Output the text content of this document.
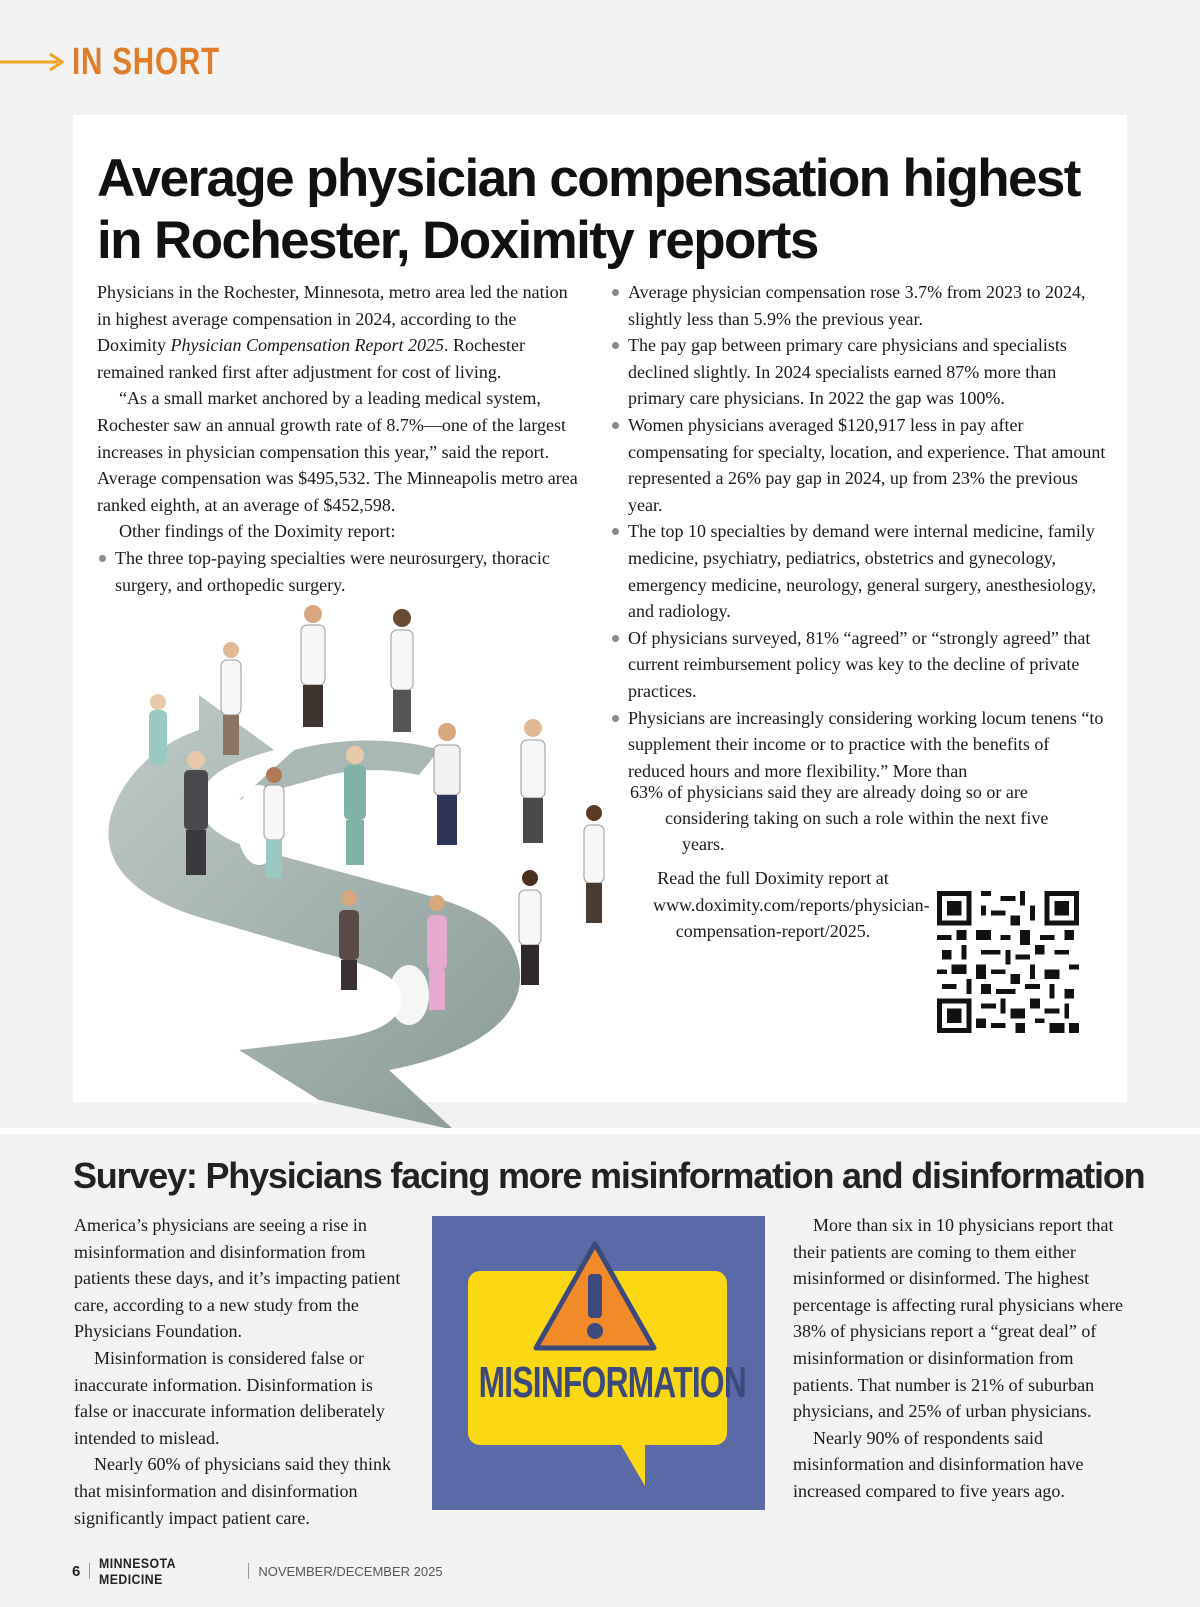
IN SHORT
Average physician compensation highest in Rochester, Doximity reports

Physicians in the Rochester, Minnesota, metro area led the nation in highest average compensation in 2024, according to the Doximity Physician Compensation Report 2025. Rochester remained ranked first after adjustment for cost of living.

“As a small market anchored by a leading medical system, Rochester saw an annual growth rate of 8.7%—one of the largest increases in physician compensation this year,” said the report. Average compensation was $495,532. The Minneapolis metro area ranked eighth, at an average of $452,598.

Other findings of the Doximity report:

The three top-paying specialties were neurosurgery, thoracic surgery, and orthopedic surgery.
Average physician compensation rose 3.7% from 2023 to 2024, slightly less than 5.9% the previous year.
The pay gap between primary care physicians and specialists declined slightly. In 2024 specialists earned 87% more than primary care physicians. In 2022 the gap was 100%.
Women physicians averaged $120,917 less in pay after compensating for specialty, location, and experience. That amount represented a 26% pay gap in 2024, up from 23% the previous year.
The top 10 specialties by demand were internal medicine, family medicine, psychiatry, pediatrics, obstetrics and gynecology, emergency medicine, neurology, general surgery, anesthesiology, and radiology.
Of physicians surveyed, 81% “agreed” or “strongly agreed” that current reimbursement policy was key to the decline of private practices.
Physicians are increasingly considering working locum tenens “to supplement their income or to practice with the benefits of reduced hours and more flexibility.” More than
63% of physicians said they are already doing so or are
considering taking on such a role within the next five
years.

Read the full Doximity report at www.doximity.com/reports/physician-compensation-report/2025.

Survey: Physicians facing more misinformation and disinformation

America’s physicians are seeing a rise in misinformation and disinformation from patients these days, and it’s impacting patient care, according to a new study from the Physicians Foundation.

Misinformation is considered false or inaccurate information. Disinformation is false or inaccurate information deliberately intended to mislead.

Nearly 60% of physicians said they think that misinformation and disinformation significantly impact patient care.

MISINFORMATION

More than six in 10 physicians report that their patients are coming to them either misinformed or disinformed. The highest percentage is affecting rural physicians where 38% of physicians report a “great deal” of misinformation or disinformation from patients. That number is 21% of suburban physicians, and 25% of urban physicians.

Nearly 90% of respondents said misinformation and disinformation have increased compared to five years ago.

6 MINNESOTA MEDICINE	NOVEMBER/DECEMBER 2025
